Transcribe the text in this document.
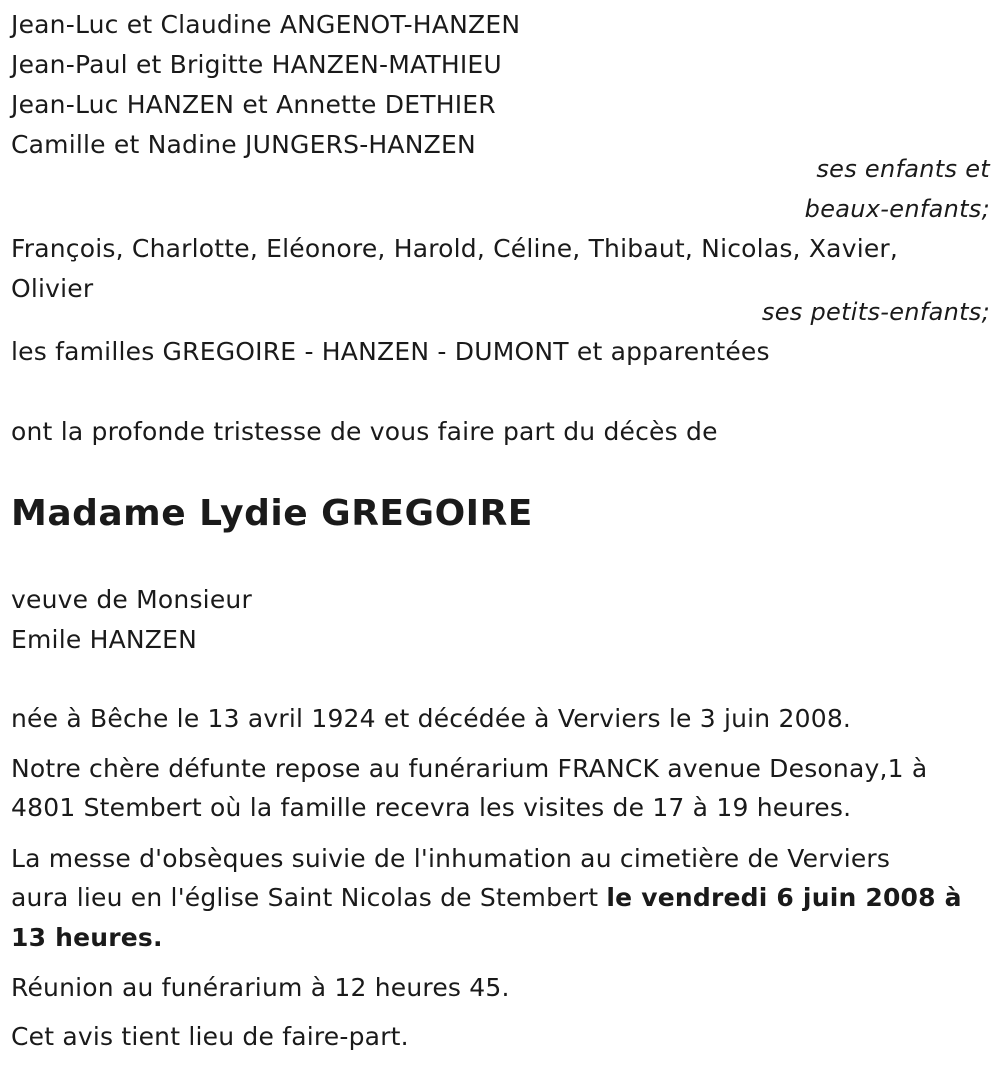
Jean-Luc et Claudine ANGENOT-HANZEN
Jean-Paul et Brigitte HANZEN-MATHIEU
Jean-Luc HANZEN et Annette DETHIER
Camille et Nadine JUNGERS-HANZEN
ses enfants et
beaux-enfants;
François, Charlotte, Eléonore, Harold, Céline, Thibaut, Nicolas, Xavier,
Olivier
ses petits-enfants;
les familles GREGOIRE - HANZEN - DUMONT et apparentées
ont la profonde tristesse de vous faire part du décès de
Madame Lydie GREGOIRE
veuve de Monsieur
Emile HANZEN
née à Bêche le 13 avril 1924 et décédée à Verviers le 3 juin 2008.
Notre chère défunte repose au funérarium FRANCK avenue Desonay,1 à
4801 Stembert où la famille recevra les visites de 17 à 19 heures.
La messe d'obsèques suivie de l'inhumation au cimetière de Verviers
aura lieu en l'église Saint Nicolas de Stembert le vendredi 6 juin 2008 à
13 heures.
Réunion au funérarium à 12 heures 45.
Cet avis tient lieu de faire-part.
